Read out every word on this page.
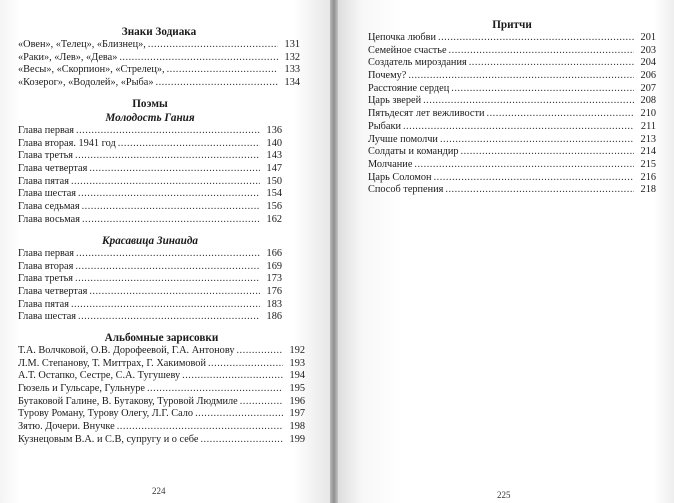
Знаки Зодиака
«Овен», «Телец», «Близнец», .....	131
«Раки», «Лев», «Дева» .....	132
«Весы», «Скорпион», «Стрелец», .....	133
«Козерог», «Водолей», «Рыба» .....	134
Поэмы
Молодость Гания
Глава первая .....	136
Глава вторая. 1941 год .....	140
Глава третья .....	143
Глава четвертая .....	147
Глава пятая .....	150
Глава шестая .....	154
Глава седьмая .....	156
Глава восьмая .....	162
Красавица Зинаида
Глава первая .....	166
Глава вторая .....	169
Глава третья .....	173
Глава четвертая .....	176
Глава пятая .....	183
Глава шестая .....	186
Альбомные зарисовки
Т.А. Волчковой, О.В. Дорофеевой, Г.А. Антонову .....	192
Л.М. Степанову, Т. Миттрах, Г. Хакимовой .....	193
А.Т. Остапко, Сестре, С.А. Тугушеву .....	194
Гюзель и Гульсаре, Гульнуре .....	195
Бутаковой Галине, В. Бутакову, Туровой Людмиле .....	196
Турову Роману, Турову Олегу, Л.Г. Сало .....	197
Зятю. Дочери. Внучке .....	198
Кузнецовым В.А. и С.В, супругу и о себе .....	199
224
Притчи
Цепочка любви .....	201
Семейное счастье .....	203
Создатель мироздания .....	204
Почему? .....	206
Расстояние сердец .....	207
Царь зверей .....	208
Пятьдесят лет вежливости .....	210
Рыбаки .....	211
Лучше помолчи .....	213
Солдаты и командир .....	214
Молчание .....	215
Царь Соломон .....	216
Способ терпения .....	218
225
